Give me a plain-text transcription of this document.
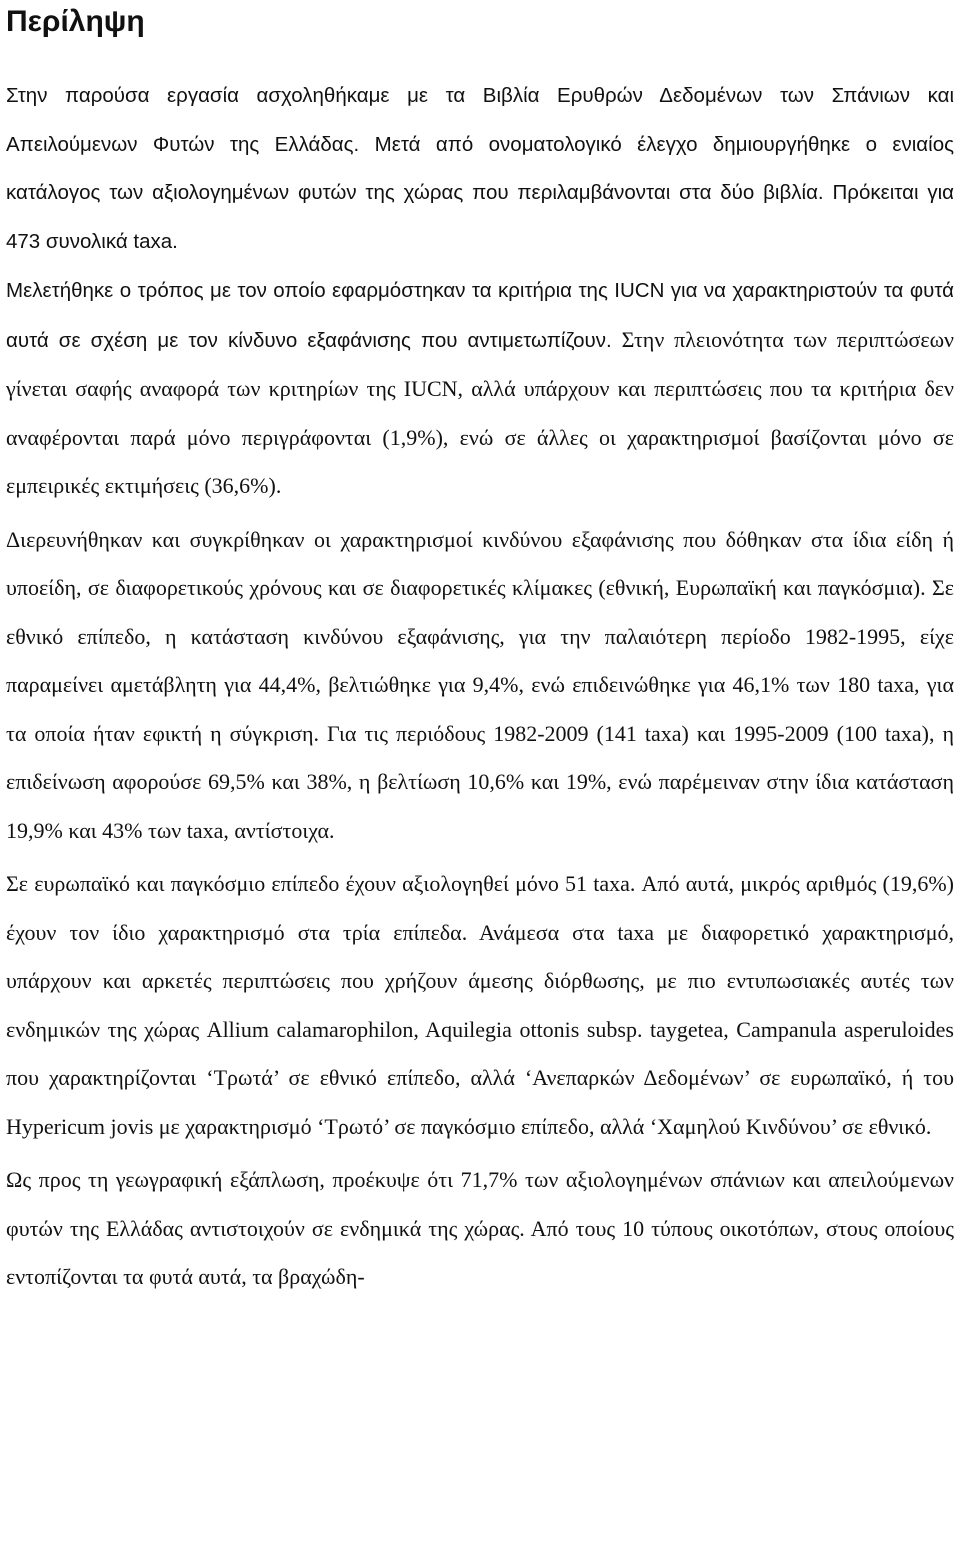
Περίληψη

Στην παρούσα εργασία ασχοληθήκαμε με τα Βιβλία Ερυθρών Δεδομένων των Σπάνιων και Απειλούμενων Φυτών της Ελλάδας. Μετά από ονοματολογικό έλεγχο δημιουργήθηκε ο ενιαίος κατάλογος των αξιολογημένων φυτών της χώρας που περιλαμβάνονται στα δύο βιβλία. Πρόκειται για 473 συνολικά taxa.

Μελετήθηκε ο τρόπος με τον οποίο εφαρμόστηκαν τα κριτήρια της IUCN για να χαρακτηριστούν τα φυτά αυτά σε σχέση με τον κίνδυνο εξαφάνισης που αντιμετωπίζουν. Στην πλειονότητα των περιπτώσεων γίνεται σαφής αναφορά των κριτηρίων της IUCN, αλλά υπάρχουν και περιπτώσεις που τα κριτήρια δεν αναφέρονται παρά μόνο περιγράφονται (1,9%), ενώ σε άλλες οι χαρακτηρισμοί βασίζονται μόνο σε εμπειρικές εκτιμήσεις (36,6%).

Διερευνήθηκαν και συγκρίθηκαν οι χαρακτηρισμοί κινδύνου εξαφάνισης που δόθηκαν στα ίδια είδη ή υποείδη, σε διαφορετικούς χρόνους και σε διαφορετικές κλίμακες (εθνική, Ευρωπαϊκή και παγκόσμια). Σε εθνικό επίπεδο, η κατάσταση κινδύνου εξαφάνισης, για την παλαιότερη περίοδο 1982-1995, είχε παραμείνει αμετάβλητη για 44,4%, βελτιώθηκε για 9,4%, ενώ επιδεινώθηκε για 46,1% των 180 taxa, για τα οποία ήταν εφικτή η σύγκριση. Για τις περιόδους 1982-2009 (141 taxa) και 1995-2009 (100 taxa), η επιδείνωση αφορούσε 69,5% και 38%, η βελτίωση 10,6% και 19%, ενώ παρέμειναν στην ίδια κατάσταση 19,9% και 43% των taxa, αντίστοιχα.

Σε ευρωπαϊκό και παγκόσμιο επίπεδο έχουν αξιολογηθεί μόνο 51 taxa. Από αυτά, μικρός αριθμός (19,6%) έχουν τον ίδιο χαρακτηρισμό στα τρία επίπεδα. Ανάμεσα στα taxa με διαφορετικό χαρακτηρισμό, υπάρχουν και αρκετές περιπτώσεις που χρήζουν άμεσης διόρθωσης, με πιο εντυπωσιακές αυτές των ενδημικών της χώρας Allium calamarophilon, Aquilegia ottonis subsp. taygetea, Campanula asperuloides που χαρακτηρίζονται ‘Τρωτά’ σε εθνικό επίπεδο, αλλά ‘Ανεπαρκών Δεδομένων’ σε ευρωπαϊκό, ή του Hypericum jovis με χαρακτηρισμό ‘Τρωτό’ σε παγκόσμιο επίπεδο, αλλά ‘Χαμηλού Κινδύνου’ σε εθνικό.

Ως προς τη γεωγραφική εξάπλωση, προέκυψε ότι 71,7% των αξιολογημένων σπάνιων και απειλούμενων φυτών της Ελλάδας αντιστοιχούν σε ενδημικά της χώρας. Από τους 10 τύπους οικοτόπων, στους οποίους εντοπίζονται τα φυτά αυτά, τα βραχώδη-
